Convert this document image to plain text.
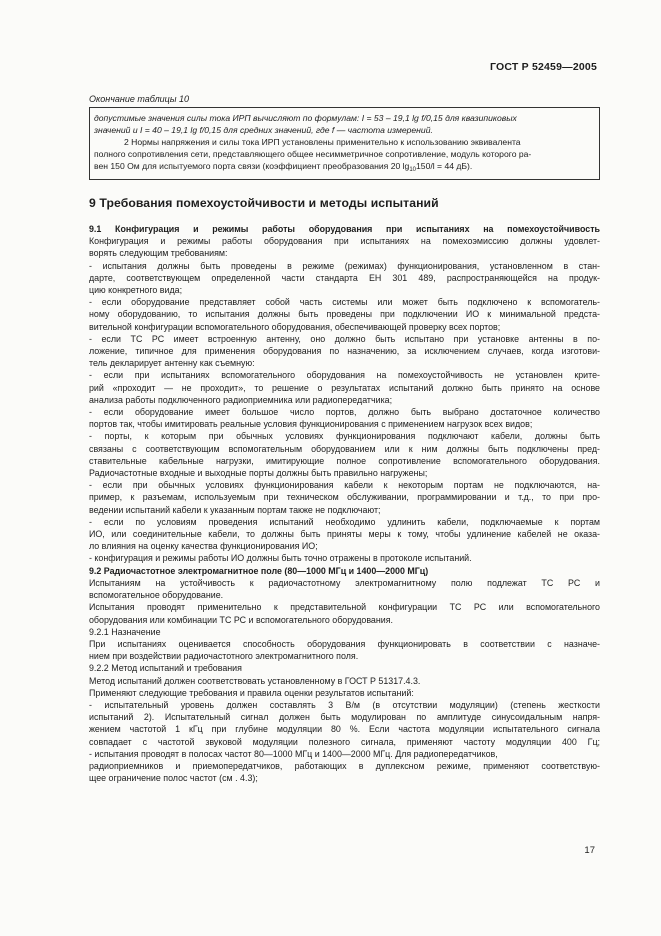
ГОСТ Р 52459—2005
Окончание таблицы 10

допустимые значения силы тока ИРП вычисляют по формулам: I = 53 – 19,1 lg f/0,15 для квазипиковых

значений и I = 40 – 19,1 lg f/0,15 для средних значений, где f — частота измерений.

2 Нормы напряжения и силы тока ИРП установлены применительно к использованию эквивалента

полного сопротивления сети, представляющего общее несимметричное сопротивление, модуль которого ра-

вен 150 Ом для испытуемого порта связи (коэффициент преобразования 20 $\lg_{10}150/l = 44$ дБ).

9 Требования помехоустойчивости и методы испытаний

9.1 Конфигурация и режимы работы оборудования при испытаниях на помехоустойчивость

Конфигурация и режимы работы оборудования при испытаниях на помехоэмиссию должны удовлет-

ворять следующим требованиям:

- испытания должны быть проведены в режиме (режимах) функционирования, установленном в стан-

дарте, соответствующем определенной части стандарта ЕН 301 489, распространяющейся на продук-

цию конкретного вида;

- если оборудование представляет собой часть системы или может быть подключено к вспомогатель-

ному оборудованию, то испытания должны быть проведены при подключении ИО к минимальной предста-

вительной конфигурации вспомогательного оборудования, обеспечивающей проверку всех портов;

- если ТС РС имеет встроенную антенну, оно должно быть испытано при установке антенны в по-

ложение, типичное для применения оборудования по назначению, за исключением случаев, когда изготови-

тель декларирует антенну как съемную:

- если при испытаниях вспомогательного оборудования на помехоустойчивость не установлен крите-

рий «проходит — не проходит», то решение о результатах испытаний должно быть принято на основе

анализа работы подключенного радиоприемника или радиопередатчика;

- если оборудование имеет большое число портов, должно быть выбрано достаточное количество

портов так, чтобы имитировать реальные условия функционирования с применением нагрузок всех видов;

- порты, к которым при обычных условиях функционирования подключают кабели, должны быть

связаны с соответствующим вспомогательным оборудованием или к ним должны быть подключены пред-

ставительные кабельные нагрузки, имитирующие полное сопротивление вспомогательного оборудования.

Радиочастотные входные и выходные порты должны быть правильно нагружены;

- если при обычных условиях функционирования кабели к некоторым портам не подключаются, на-

пример, к разъемам, используемым при техническом обслуживании, программировании и т.д., то при про-

ведении испытаний кабели к указанным портам также не подключают;

- если по условиям проведения испытаний необходимо удлинить кабели, подключаемые к портам

ИО, или соединительные кабели, то должны быть приняты меры к тому, чтобы удлинение кабелей не оказа-

ло влияния на оценку качества функционирования ИО;

- конфигурация и режимы работы ИО должны быть точно отражены в протоколе испытаний.

9.2 Радиочастотное электромагнитное поле (80—1000 МГц и 1400—2000 МГц)

Испытаниям на устойчивость к радиочастотному электромагнитному полю подлежат ТС РС и

вспомогательное оборудование.

Испытания проводят применительно к представительной конфигурации ТС РС или вспомогательного

оборудования или комбинации ТС РС и вспомогательного оборудования.

9.2.1 Назначение

При испытаниях оценивается способность оборудования функционировать в соответствии с назначе-

нием при воздействии радиочастотного электромагнитного поля.

9.2.2 Метод испытаний и требования

Метод испытаний должен соответствовать установленному в ГОСТ Р 51317.4.3.

Применяют следующие требования и правила оценки результатов испытаний:

- испытательный уровень должен составлять 3 В/м (в отсутствии модуляции) (степень жесткости

испытаний 2). Испытательный сигнал должен быть модулирован по амплитуде синусоидальным напря-

жением частотой 1 кГц при глубине модуляции 80 %. Если частота модуляции испытательного сигнала

совпадает с частотой звуковой модуляции полезного сигнала, применяют частоту модуляции 400 Гц;

- испытания проводят в полосах частот 80—1000 МГц и 1400—2000 МГц. Для радиопередатчиков,

радиоприемников и приемопередатчиков, работающих в дуплексном режиме, применяют соответствую-

щее ограничение полос частот (см . 4.3);

17
